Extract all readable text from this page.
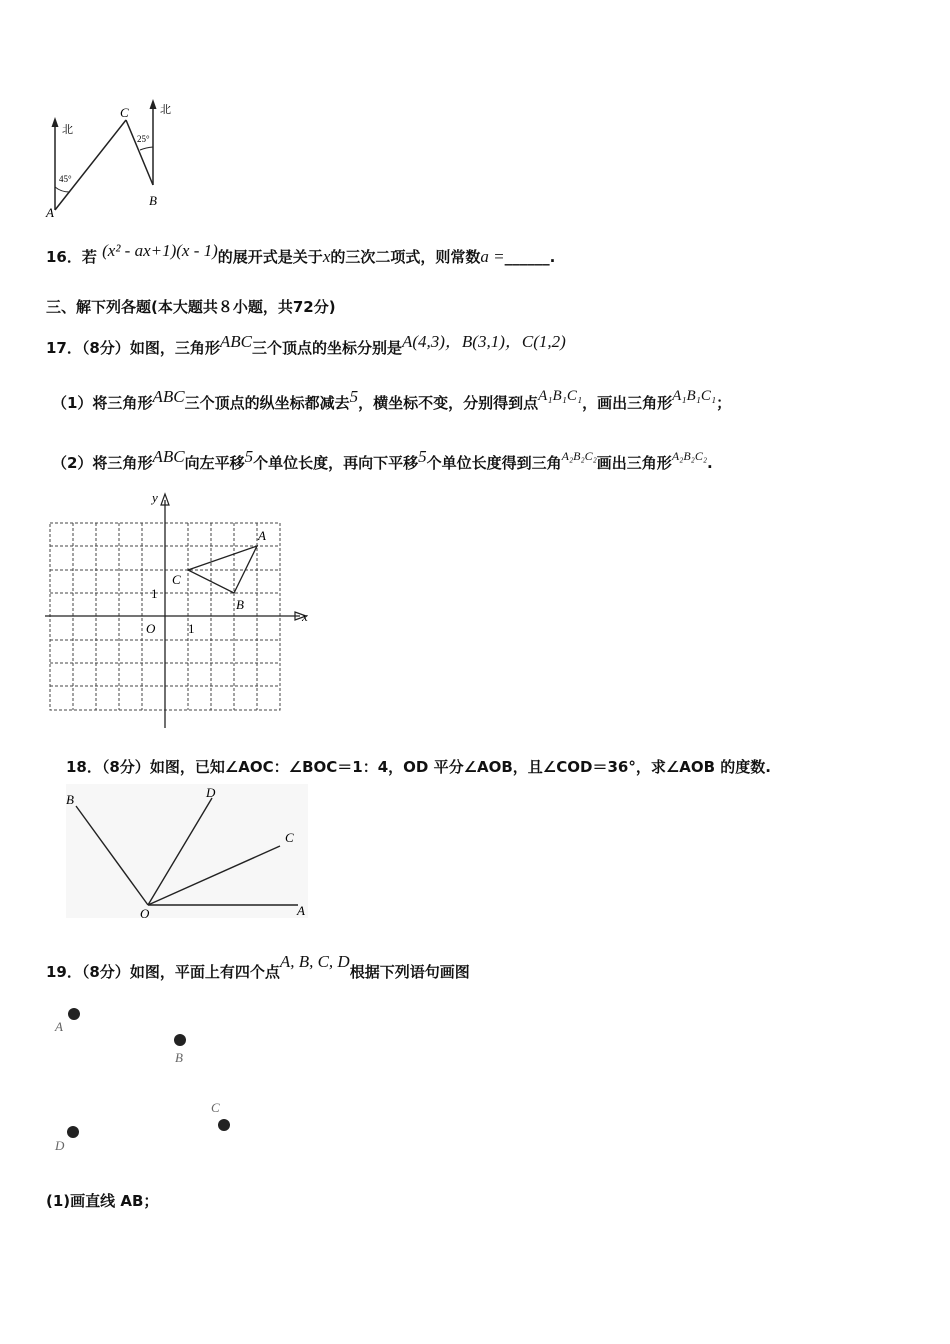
北
北
45°
25°
A
C
B
16．若 (x² - ax+1)(x - 1)的展开式是关于x的三次二项式，则常数a =______.
三、解下列各题(本大题共８小题，共72分)
17．（8分）如图，三角形ABC三个顶点的坐标分别是A(4,3)，B(3,1)，C(1,2)
（1）将三角形ABC三个顶点的纵坐标都减去5，横坐标不变，分别得到点A₁B₁C₁，画出三角形A₁B₁C₁；
（2）将三角形ABC向左平移5个单位长度，再向下平移5个单位长度得到三角$^{A_2B_2C_2}$画出三角形$^{A_2B_2C_2}$.
y
x
O	1
1
A
B
C
18．（8分）如图，已知∠AOC：∠BOC＝1：4，OD 平分∠AOB，且∠COD＝36°，求∠AOB 的度数.
B	D
C
O	A
19．（8分）如图，平面上有四个点A, B, C, D根据下列语句画图
A
B
C
D
(1)画直线 AB；
